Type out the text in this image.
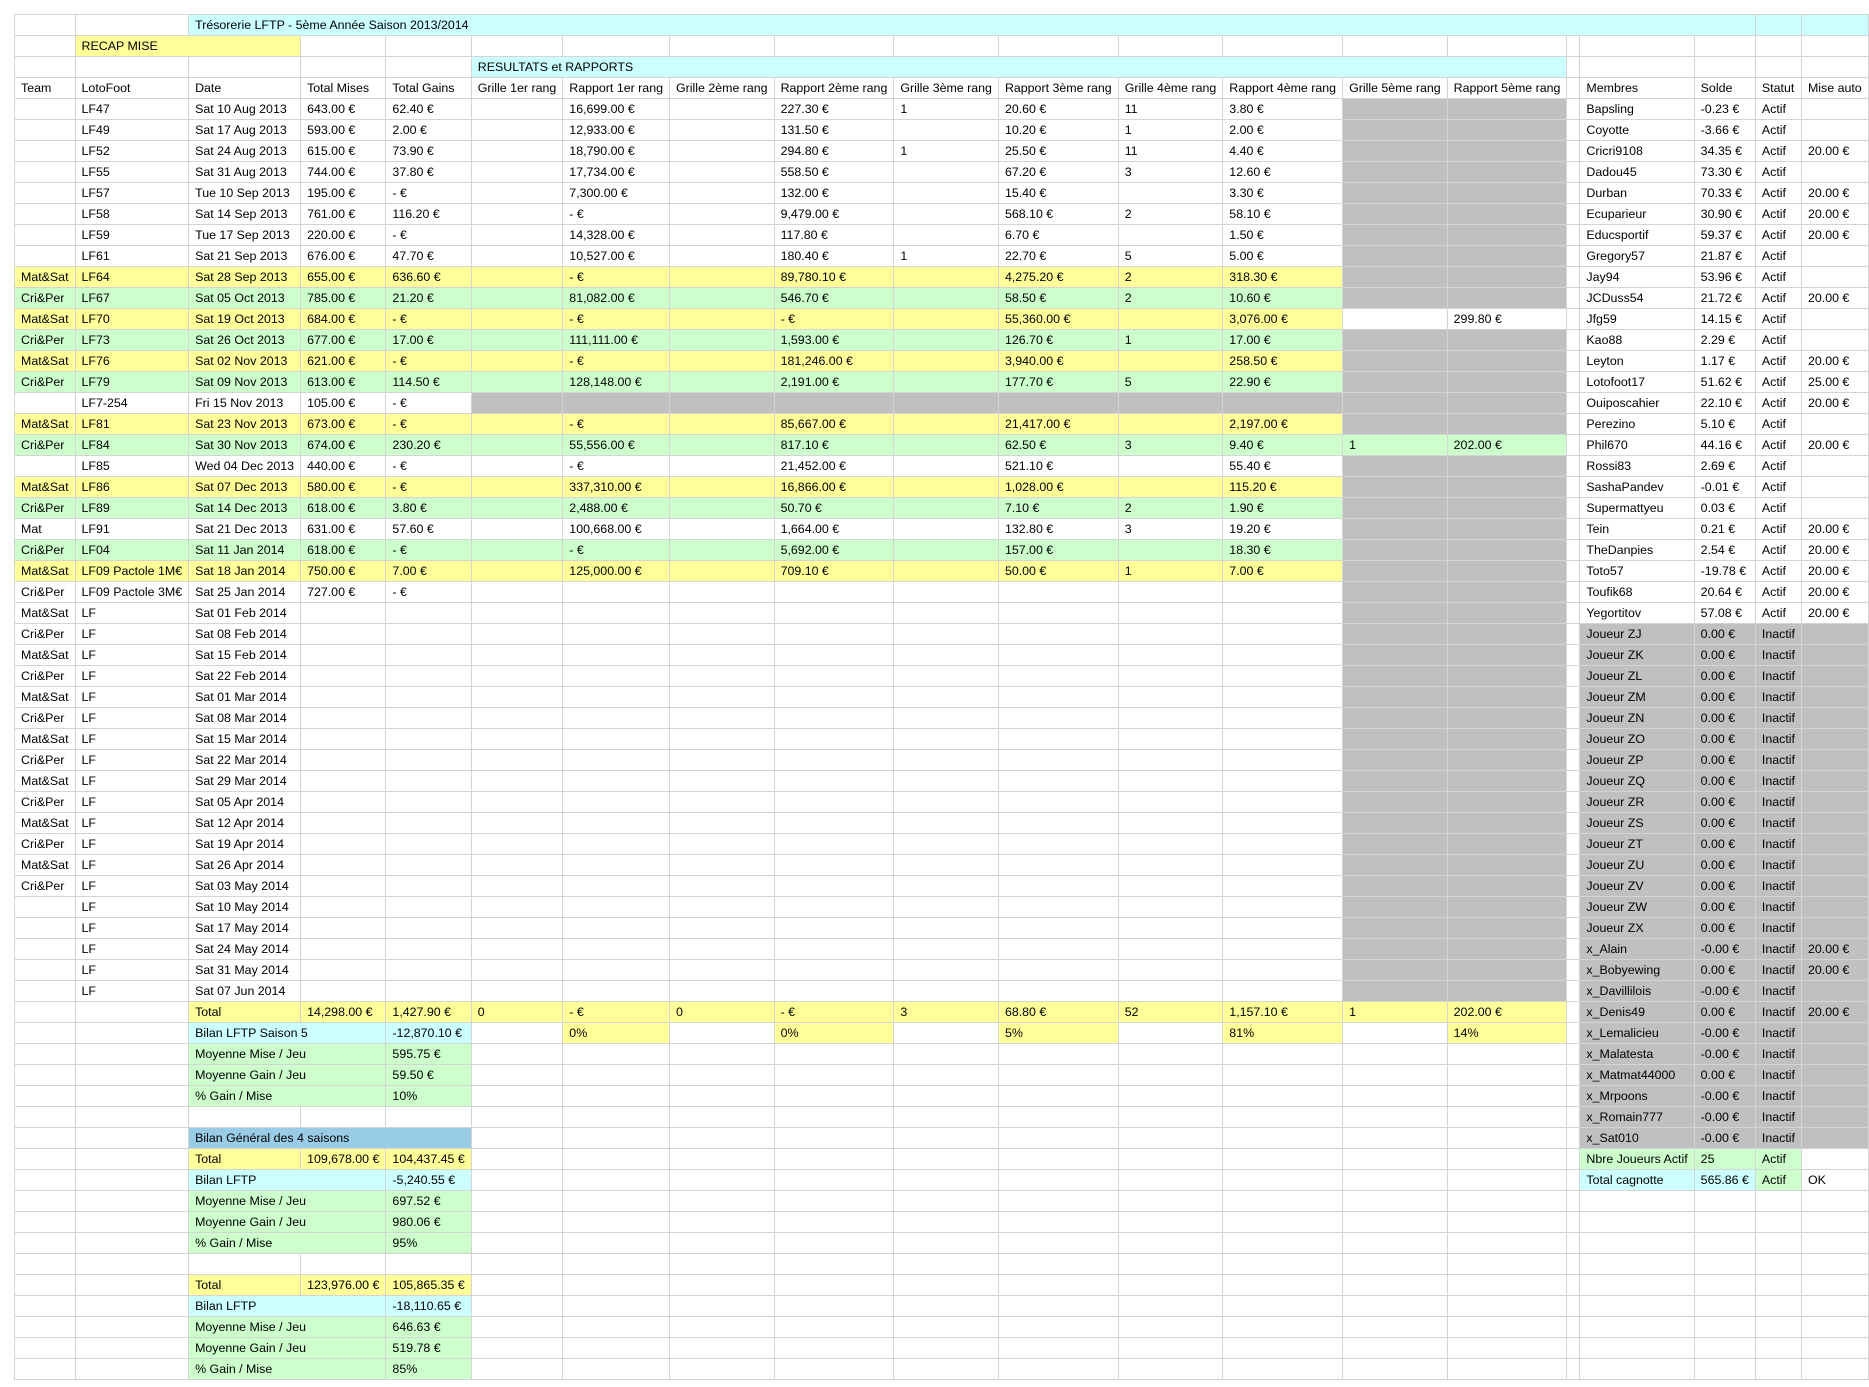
		Trésorerie LFTP - 5ème Année Saison 2013/2014																	
	RECAP MISE																		
					RESULTATS et RAPPORTS														
Team	LotoFoot	Date	Total Mises	Total Gains	Grille 1er rang	Rapport 1er rang	Grille 2ème rang	Rapport 2ème rang	Grille 3ème rang	Rapport 3ème rang	Grille 4ème rang	Rapport 4ème rang	Grille 5ème rang	Rapport 5ème rang		Membres	Solde	Statut	Mise auto
	LF47	Sat 10 Aug 2013	643.00 €	62.40 €		16,699.00 €		227.30 €	1	20.60 €	11	3.80 €				Bapsling	-0.23 €	Actif	
	LF49	Sat 17 Aug 2013	593.00 €	2.00 €		12,933.00 €		131.50 €		10.20 €	1	2.00 €				Coyotte	-3.66 €	Actif	
	LF52	Sat 24 Aug 2013	615.00 €	73.90 €		18,790.00 €		294.80 €	1	25.50 €	11	4.40 €				Cricri9108	34.35 €	Actif	20.00 €
	LF55	Sat 31 Aug 2013	744.00 €	37.80 €		17,734.00 €		558.50 €		67.20 €	3	12.60 €				Dadou45	73.30 €	Actif	
	LF57	Tue 10 Sep 2013	195.00 €	- €		7,300.00 €		132.00 €		15.40 €		3.30 €				Durban	70.33 €	Actif	20.00 €
	LF58	Sat 14 Sep 2013	761.00 €	116.20 €		- €		9,479.00 €		568.10 €	2	58.10 €				Ecuparieur	30.90 €	Actif	20.00 €
	LF59	Tue 17 Sep 2013	220.00 €	- €		14,328.00 €		117.80 €		6.70 €		1.50 €				Educsportif	59.37 €	Actif	20.00 €
	LF61	Sat 21 Sep 2013	676.00 €	47.70 €		10,527.00 €		180.40 €	1	22.70 €	5	5.00 €				Gregory57	21.87 €	Actif	
Mat&Sat	LF64	Sat 28 Sep 2013	655.00 €	636.60 €		- €		89,780.10 €		4,275.20 €	2	318.30 €				Jay94	53.96 €	Actif	
Cri&Per	LF67	Sat 05 Oct 2013	785.00 €	21.20 €		81,082.00 €		546.70 €		58.50 €	2	10.60 €				JCDuss54	21.72 €	Actif	20.00 €
Mat&Sat	LF70	Sat 19 Oct 2013	684.00 €	- €		- €		- €		55,360.00 €		3,076.00 €		299.80 €		Jfg59	14.15 €	Actif	
Cri&Per	LF73	Sat 26 Oct 2013	677.00 €	17.00 €		111,111.00 €		1,593.00 €		126.70 €	1	17.00 €				Kao88	2.29 €	Actif	
Mat&Sat	LF76	Sat 02 Nov 2013	621.00 €	- €		- €		181,246.00 €		3,940.00 €		258.50 €				Leyton	1.17 €	Actif	20.00 €
Cri&Per	LF79	Sat 09 Nov 2013	613.00 €	114.50 €		128,148.00 €		2,191.00 €		177.70 €	5	22.90 €				Lotofoot17	51.62 €	Actif	25.00 €
	LF7-254	Fri 15 Nov 2013	105.00 €	- €												Ouiposcahier	22.10 €	Actif	20.00 €
Mat&Sat	LF81	Sat 23 Nov 2013	673.00 €	- €		- €		85,667.00 €		21,417.00 €		2,197.00 €				Perezino	5.10 €	Actif	
Cri&Per	LF84	Sat 30 Nov 2013	674.00 €	230.20 €		55,556.00 €		817.10 €		62.50 €	3	9.40 €	1	202.00 €		Phil670	44.16 €	Actif	20.00 €
	LF85	Wed 04 Dec 2013	440.00 €	- €		- €		21,452.00 €		521.10 €		55.40 €				Rossi83	2.69 €	Actif	
Mat&Sat	LF86	Sat 07 Dec 2013	580.00 €	- €		337,310.00 €		16,866.00 €		1,028.00 €		115.20 €				SashaPandev	-0.01 €	Actif	
Cri&Per	LF89	Sat 14 Dec 2013	618.00 €	3.80 €		2,488.00 €		50.70 €		7.10 €	2	1.90 €				Supermattyeu	0.03 €	Actif	
Mat	LF91	Sat 21 Dec 2013	631.00 €	57.60 €		100,668.00 €		1,664.00 €		132.80 €	3	19.20 €				Tein	0.21 €	Actif	20.00 €
Cri&Per	LF04	Sat 11 Jan 2014	618.00 €	- €		- €		5,692.00 €		157.00 €		18.30 €				TheDanpies	2.54 €	Actif	20.00 €
Mat&Sat	LF09 Pactole 1M€	Sat 18 Jan 2014	750.00 €	7.00 €		125,000.00 €		709.10 €		50.00 €	1	7.00 €				Toto57	-19.78 €	Actif	20.00 €
Cri&Per	LF09 Pactole 3M€	Sat 25 Jan 2014	727.00 €	- €												Toufik68	20.64 €	Actif	20.00 €
Mat&Sat	LF	Sat 01 Feb 2014														Yegortitov	57.08 €	Actif	20.00 €
Cri&Per	LF	Sat 08 Feb 2014														Joueur ZJ	0.00 €	Inactif	
Mat&Sat	LF	Sat 15 Feb 2014														Joueur ZK	0.00 €	Inactif	
Cri&Per	LF	Sat 22 Feb 2014														Joueur ZL	0.00 €	Inactif	
Mat&Sat	LF	Sat 01 Mar 2014														Joueur ZM	0.00 €	Inactif	
Cri&Per	LF	Sat 08 Mar 2014														Joueur ZN	0.00 €	Inactif	
Mat&Sat	LF	Sat 15 Mar 2014														Joueur ZO	0.00 €	Inactif	
Cri&Per	LF	Sat 22 Mar 2014														Joueur ZP	0.00 €	Inactif	
Mat&Sat	LF	Sat 29 Mar 2014														Joueur ZQ	0.00 €	Inactif	
Cri&Per	LF	Sat 05 Apr 2014														Joueur ZR	0.00 €	Inactif	
Mat&Sat	LF	Sat 12 Apr 2014														Joueur ZS	0.00 €	Inactif	
Cri&Per	LF	Sat 19 Apr 2014														Joueur ZT	0.00 €	Inactif	
Mat&Sat	LF	Sat 26 Apr 2014														Joueur ZU	0.00 €	Inactif	
Cri&Per	LF	Sat 03 May 2014														Joueur ZV	0.00 €	Inactif	
	LF	Sat 10 May 2014														Joueur ZW	0.00 €	Inactif	
	LF	Sat 17 May 2014														Joueur ZX	0.00 €	Inactif	
	LF	Sat 24 May 2014														x_Alain	-0.00 €	Inactif	20.00 €
	LF	Sat 31 May 2014														x_Bobyewing	0.00 €	Inactif	20.00 €
	LF	Sat 07 Jun 2014														x_Davillilois	-0.00 €	Inactif	
		Total	14,298.00 €	1,427.90 €	0	- €	0	- €	3	68.80 €	52	1,157.10 €	1	202.00 €		x_Denis49	0.00 €	Inactif	20.00 €
		Bilan LFTP Saison 5		-12,870.10 €		0%		0%		5%		81%		14%		x_Lemalicieu	-0.00 €	Inactif	
		Moyenne Mise / Jeu		595.75 €												x_Malatesta	-0.00 €	Inactif	
		Moyenne Gain / Jeu		59.50 €												x_Matmat44000	0.00 €	Inactif	
		% Gain / Mise		10%												x_Mrpoons	-0.00 €	Inactif	
																x_Romain777	-0.00 €	Inactif	
		Bilan Général des 4 saisons														x_Sat010	-0.00 €	Inactif	
		Total	109,678.00 €	104,437.45 €												Nbre Joueurs Actif	25	Actif	
		Bilan LFTP		-5,240.55 €												Total cagnotte	565.86 €	Actif	OK
		Moyenne Mise / Jeu		697.52 €															
		Moyenne Gain / Jeu		980.06 €															
		% Gain / Mise		95%															

		Total	123,976.00 €	105,865.35 €															
		Bilan LFTP		-18,110.65 €															
		Moyenne Mise / Jeu		646.63 €															
		Moyenne Gain / Jeu		519.78 €															
		% Gain / Mise		85%															
